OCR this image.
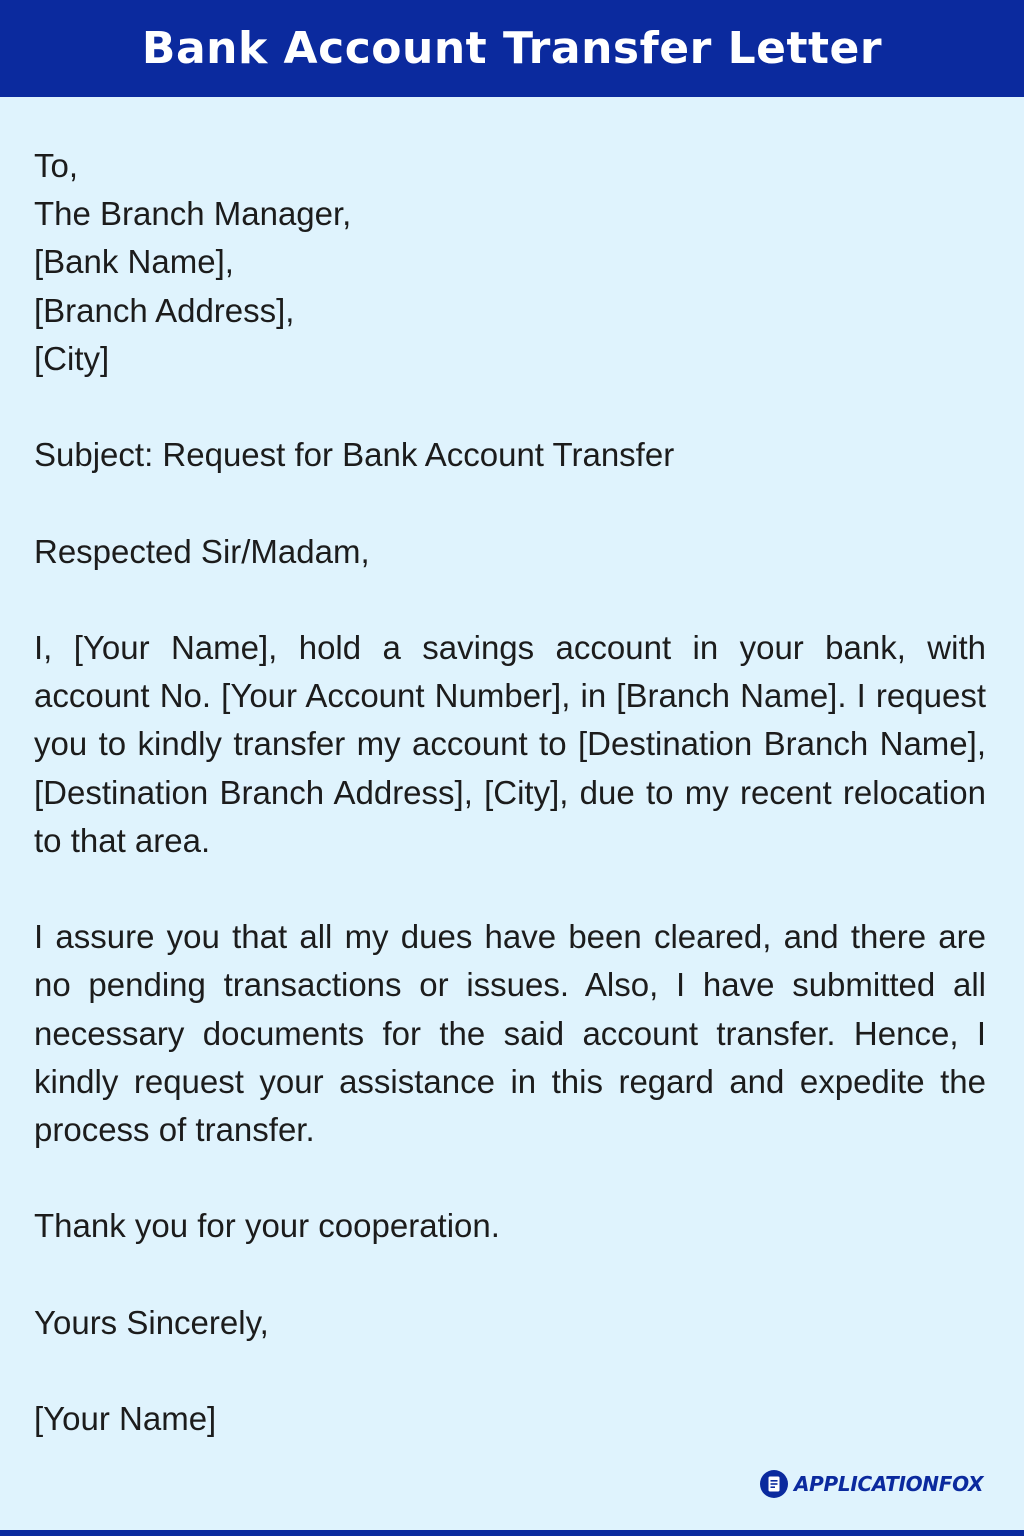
Bank Account Transfer Letter

To,

The Branch Manager,

[Bank Name],

[Branch Address],

[City]

Subject: Request for Bank Account Transfer

Respected Sir/Madam,

I, [Your Name], hold a savings account in your bank, with account No. [Your Account Number], in [Branch Name]. I request you to kindly transfer my account to [Destination Branch Name], [Destination Branch Address], [City], due to my recent relocation to that area.

I assure you that all my dues have been cleared, and there are no pending transactions or issues. Also, I have submitted all necessary documents for the said account transfer. Hence, I kindly request your assistance in this regard and expedite the process of transfer.

Thank you for your cooperation.

Yours Sincerely,

[Your Name]

APPLICATIONFOX
